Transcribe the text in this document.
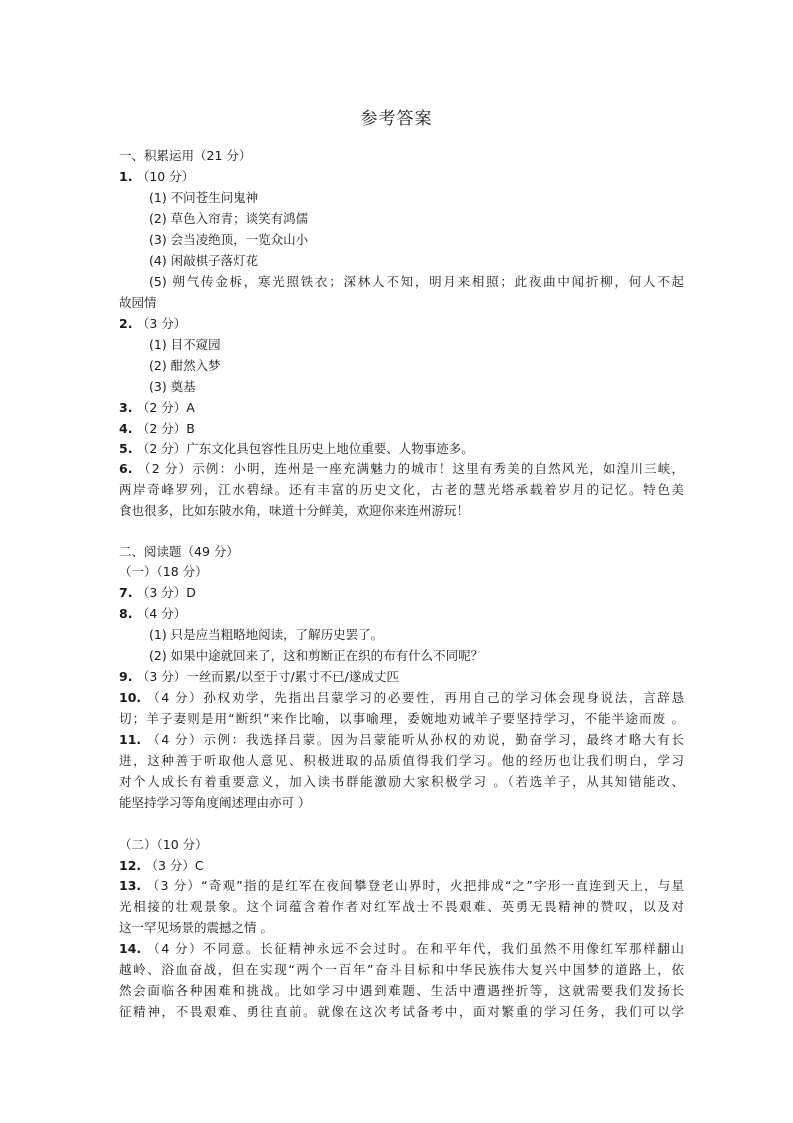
参考答案
一、积累运用（21 分）
1. （10 分）
(1) 不问苍生问鬼神
(2) 草色入帘青；谈笑有鸿儒
(3) 会当凌绝顶，一览众山小
(4) 闲敲棋子落灯花
(5) 朔气传金柝，寒光照铁衣；深林人不知，明月来相照；此夜曲中闻折柳，何人不起
故园情
2. （3 分）
(1) 目不窥园
(2) 酣然入梦
(3) 奠基
3. （2 分）A
4. （2 分）B
5. （2 分）广东文化具包容性且历史上地位重要、人物事迹多。
6. （2 分）示例：小明，连州是一座充满魅力的城市！这里有秀美的自然风光，如湟川三峡，
两岸奇峰罗列，江水碧绿。还有丰富的历史文化，古老的慧光塔承载着岁月的记忆。特色美
食也很多，比如东陂水角，味道十分鲜美，欢迎你来连州游玩！
二、阅读题（49 分）
（一）（18 分）
7. （3 分）D
8. （4 分）
(1) 只是应当粗略地阅读，了解历史罢了。
(2) 如果中途就回来了，这和剪断正在织的布有什么不同呢？
9. （3 分）一丝而累/以至于寸/累寸不已/遂成丈匹
10. （4 分）孙权劝学，先指出吕蒙学习的必要性，再用自己的学习体会现身说法，言辞恳
切；羊子妻则是用“断织”来作比喻，以事喻理，委婉地劝诫羊子要坚持学习，不能半途而废 。
11. （4 分）示例：我选择吕蒙。因为吕蒙能听从孙权的劝说，勤奋学习，最终才略大有长
进，这种善于听取他人意见、积极进取的品质值得我们学习。他的经历也让我们明白，学习
对个人成长有着重要意义，加入读书群能激励大家积极学习 。（若选羊子，从其知错能改、
能坚持学习等角度阐述理由亦可 ）
（二）（10 分）
12. （3 分）C
13. （3 分）“奇观”指的是红军在夜间攀登老山界时，火把排成“之”字形一直连到天上，与星
光相接的壮观景象。这个词蕴含着作者对红军战士不畏艰难、英勇无畏精神的赞叹，以及对
这一罕见场景的震撼之情 。
14. （4 分）不同意。长征精神永远不会过时。在和平年代，我们虽然不用像红军那样翻山
越岭、浴血奋战，但在实现“两个一百年”奋斗目标和中华民族伟大复兴中国梦的道路上，依
然会面临各种困难和挑战。比如学习中遇到难题、生活中遭遇挫折等，这就需要我们发扬长
征精神，不畏艰难、勇往直前。就像在这次考试备考中，面对繁重的学习任务，我们可以学
